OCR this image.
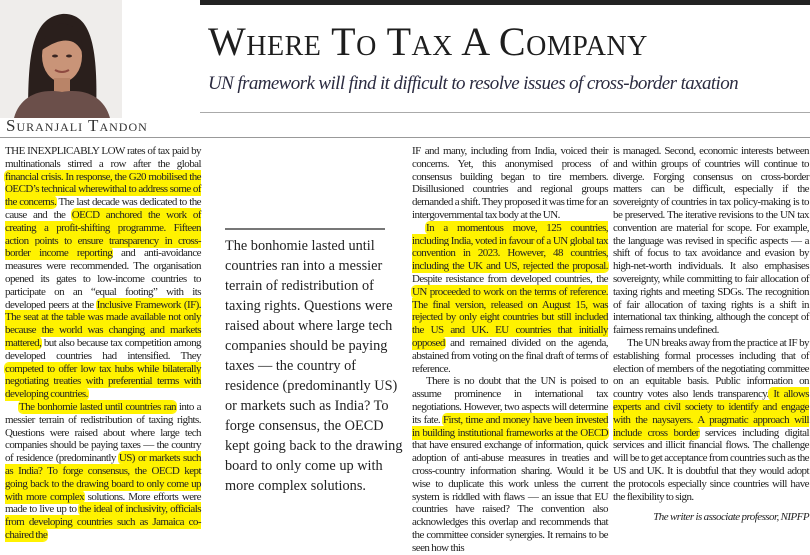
Where To Tax A Company
UN framework will find it difficult to resolve issues of cross-border taxation
Suranjali Tandon

THE INEXPLICABLY LOW rates of tax paid by multinationals stirred a row after the global financial crisis. In response, the G20 mobilised the OECD’s technical wherewithal to address some of the concerns. The last decade was dedicated to the cause and the OECD anchored the work of creating a profit-shifting programme. Fifteen action points to ensure transparency in cross-border income reporting and anti-avoidance measures were recommended. The organisation opened its gates to low-income countries to participate on an “equal footing” with its developed peers at the Inclusive Framework (IF). The seat at the table was made available not only because the world was changing and markets mattered, but also because tax competition among developed countries had intensified. They competed to offer low tax hubs while bilaterally negotiating treaties with preferential terms with developing countries.

The bonhomie lasted until countries ran into a messier terrain of redistribution of taxing rights. Questions were raised about where large tech companies should be paying taxes — the country of residence (predominantly US) or markets such as India? To forge consensus, the OECD kept going back to the drawing board to only come up with more complex solutions. More efforts were made to live up to the ideal of inclusivity, officials from developing countries such as Jamaica co-chaired the

The bonhomie lasted until countries ran into a messier terrain of redistribution of taxing rights. Questions were raised about where large tech companies should be paying taxes — the country of residence (predominantly US) or markets such as India? To forge consensus, the OECD kept going back to the drawing board to only come up with more complex solutions.

IF and many, including from India, voiced their concerns. Yet, this anonymised process of consensus building began to tire members. Disillusioned countries and regional groups demanded a shift. They proposed it was time for an intergovernmental tax body at the UN.

In a momentous move, 125 countries, including India, voted in favour of a UN global tax convention in 2023. However, 48 countries, including the UK and US, rejected the proposal. Despite resistance from developed countries, the UN proceeded to work on the terms of reference. The final version, released on August 15, was rejected by only eight countries but still included the US and UK. EU countries that initially opposed and remained divided on the agenda, abstained from voting on the final draft of terms of reference.

There is no doubt that the UN is poised to assume prominence in international tax negotiations. However, two aspects will determine its fate. First, time and money have been invested in building institutional frameworks at the OECD that have ensured exchange of information, quick adoption of anti-abuse measures in treaties and cross-country information sharing. Would it be wise to duplicate this work unless the current system is riddled with flaws — an issue that EU countries have raised? The convention also acknowledges this overlap and recommends that the committee consider synergies. It remains to be seen how this

is managed. Second, economic interests between and within groups of countries will continue to diverge. Forging consensus on cross-border matters can be difficult, especially if the sovereignty of countries in tax policy-making is to be preserved. The iterative revisions to the UN tax convention are material for scope. For example, the language was revised in specific aspects — a shift of focus to tax avoidance and evasion by high-net-worth individuals. It also emphasises sovereignty, while committing to fair allocation of taxing rights and meeting SDGs. The recognition of fair allocation of taxing rights is a shift in international tax thinking, although the concept of fairness remains undefined.

The UN breaks away from the practice at IF by establishing formal processes including that of election of members of the negotiating committee on an equitable basis. Public information on country votes also lends transparency. It allows experts and civil society to identify and engage with the naysayers. A pragmatic approach will include cross border services including digital services and illicit financial flows. The challenge will be to get acceptance from countries such as the US and UK. It is doubtful that they would adopt the protocols especially since countries will have the flexibility to sign.

The writer is associate professor, NIPFP
